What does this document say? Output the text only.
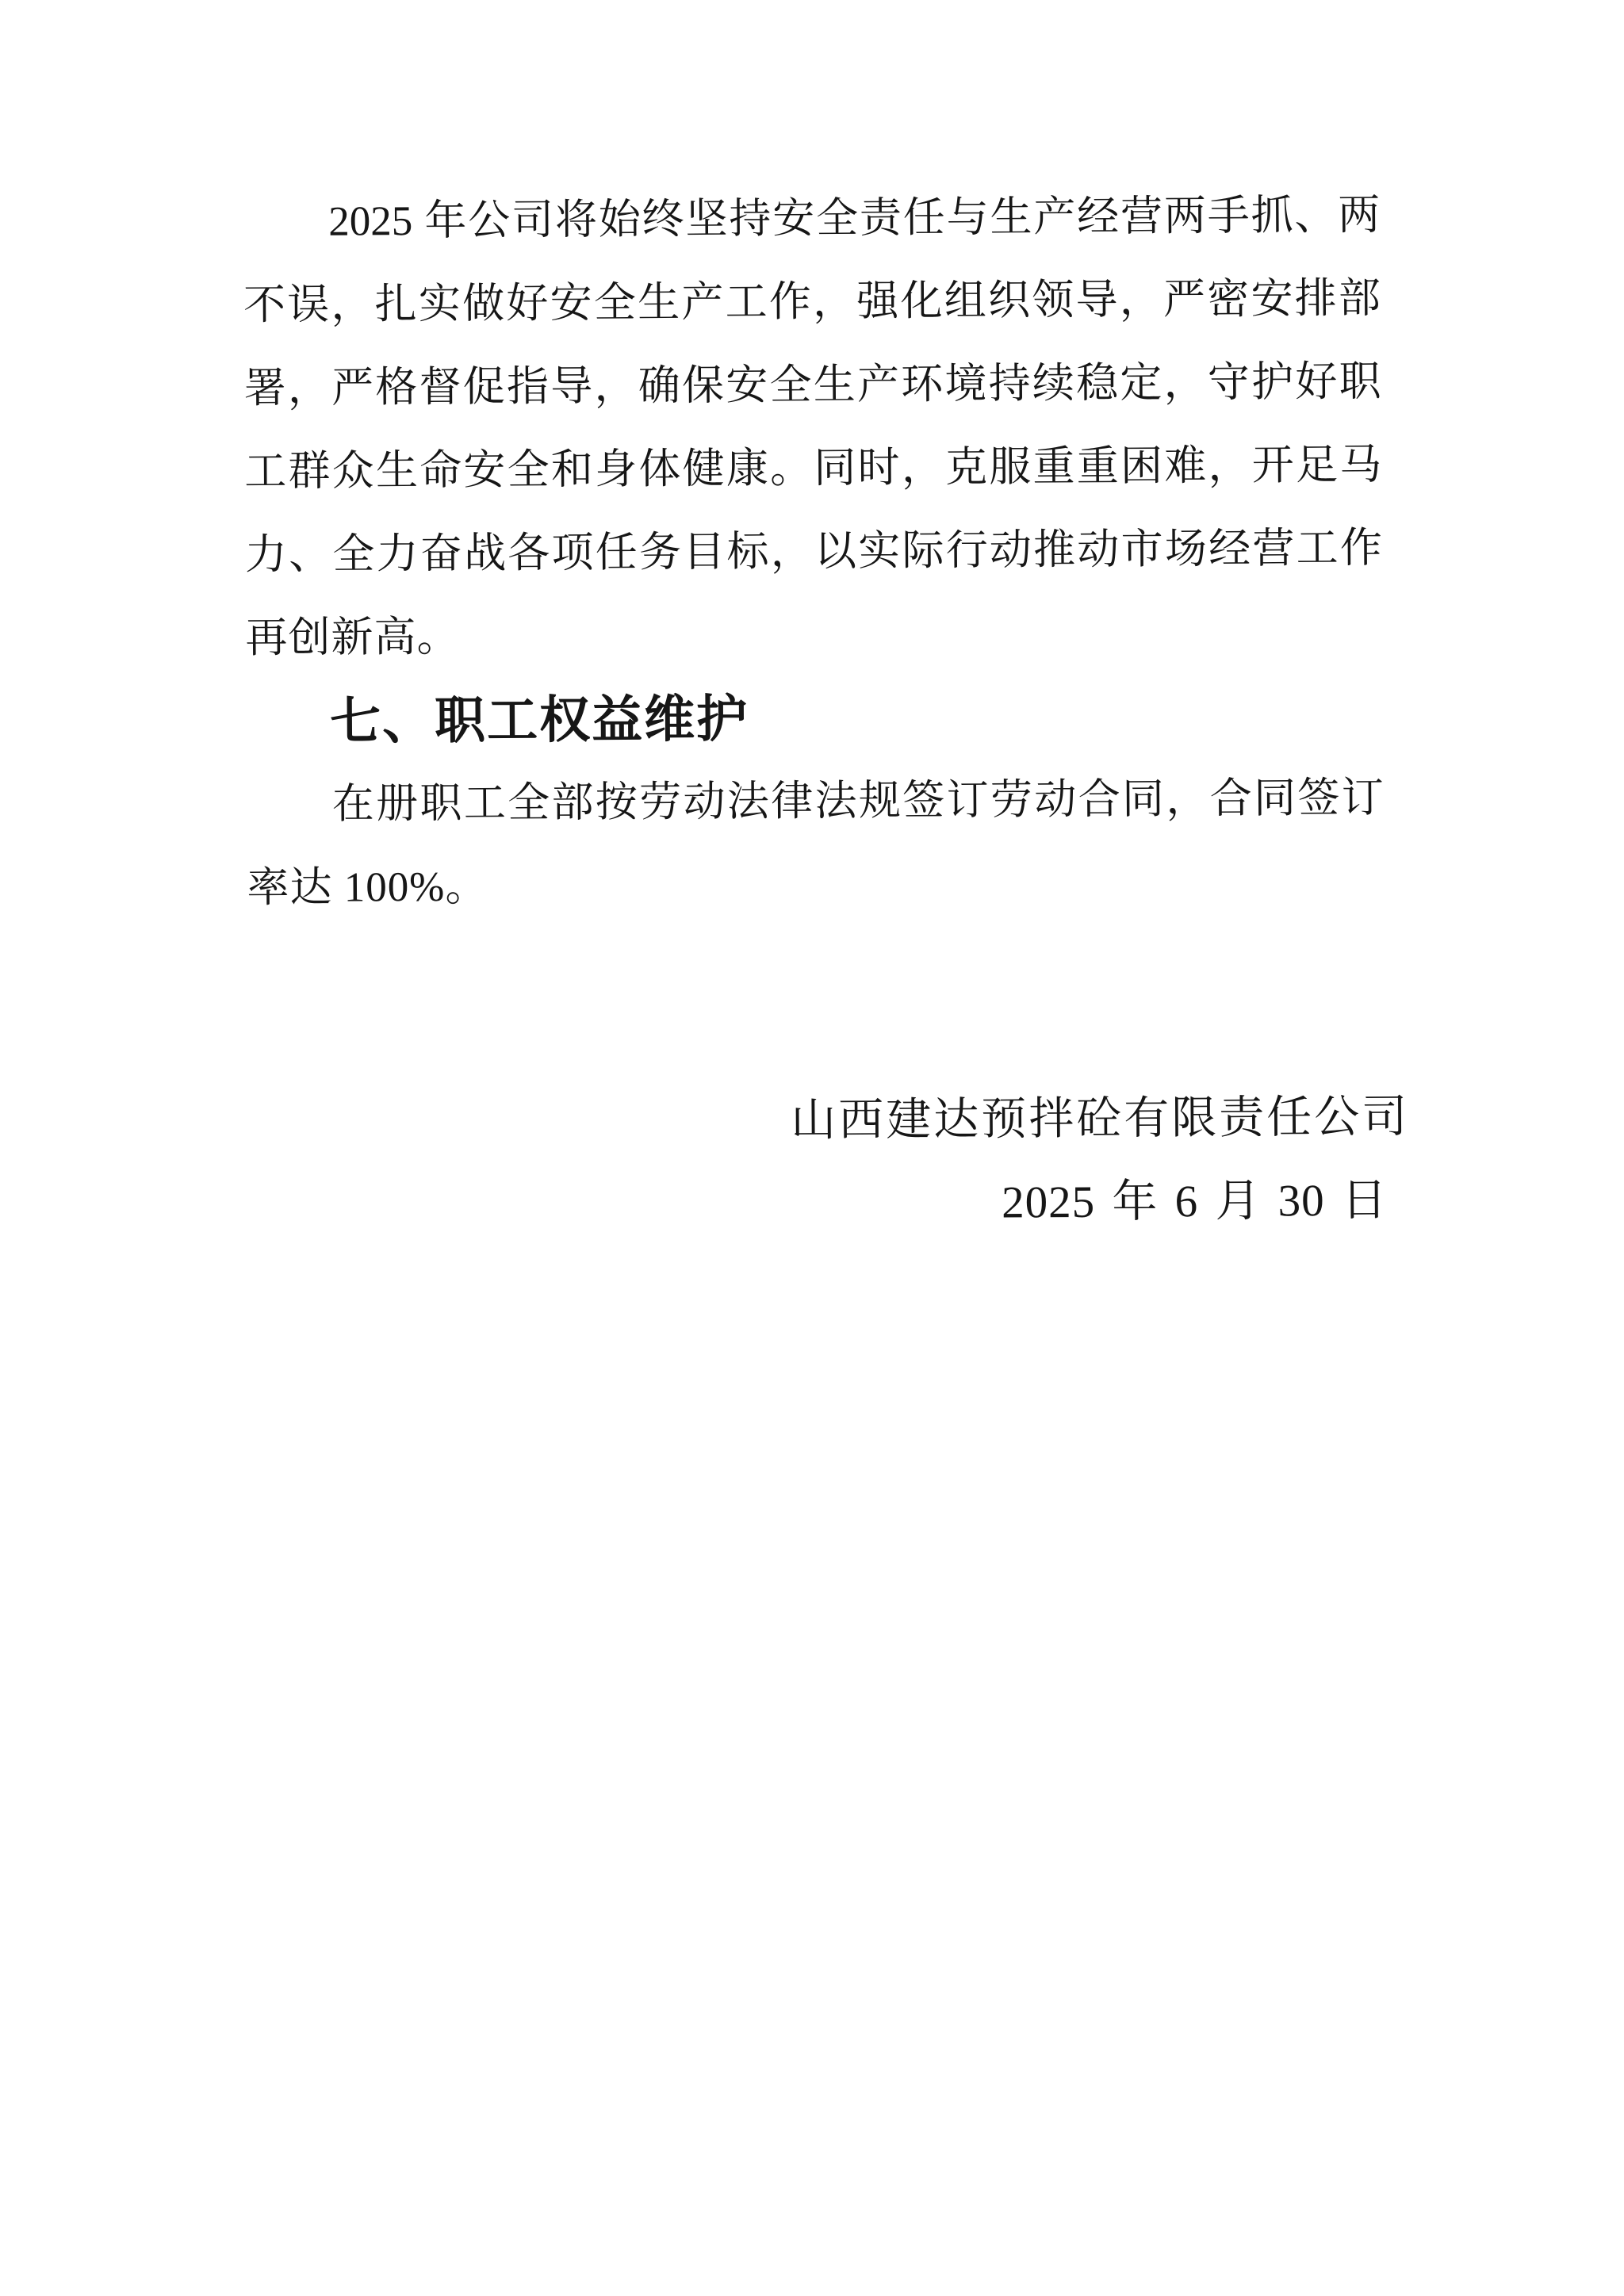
2025 年公司将始终坚持安全责任与生产经营两手抓、两
不误，扎实做好安全生产工作，强化组织领导，严密安排部
署，严格督促指导，确保安全生产环境持续稳定，守护好职
工群众生命安全和身体健康。同时，克服重重困难，开足马
力、全力奋战各项任务目标，以实际行动推动市场经营工作
再创新高。
七、职工权益维护
在册职工全部按劳动法律法规签订劳动合同，合同签订
率达 100%。
山西建达预拌砼有限责任公司
2025 年 6 月 30 日
